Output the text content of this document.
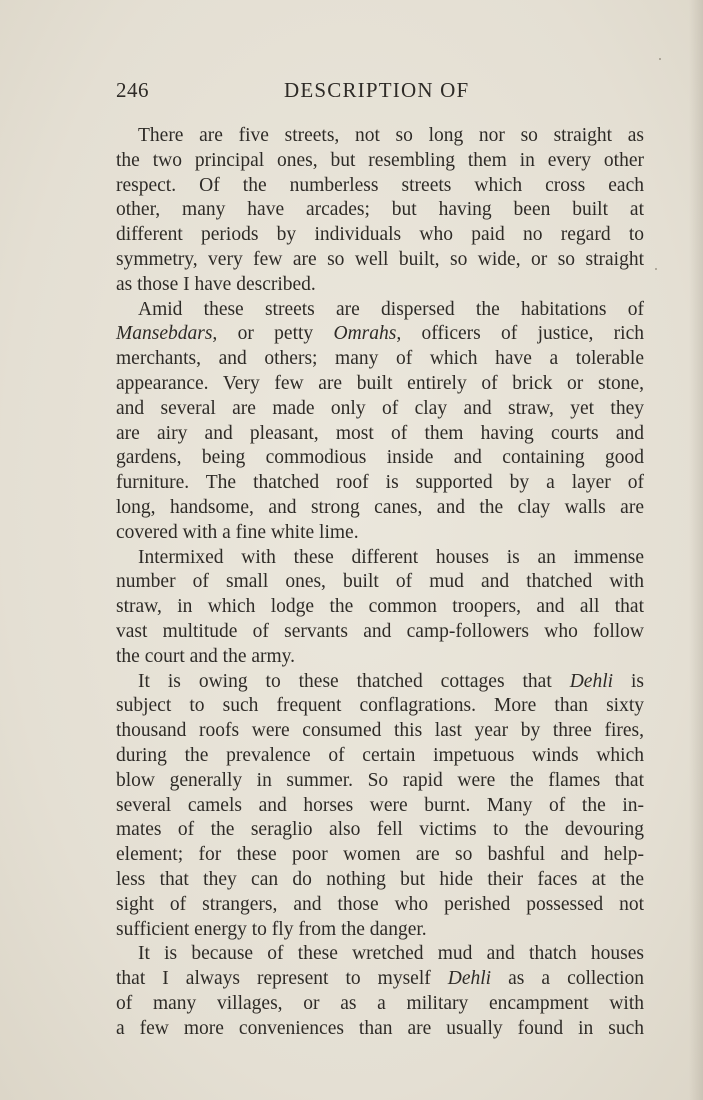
246	DESCRIPTION OF
There are five streets, not so long nor so straight as
the two principal ones, but resembling them in every other
respect. Of the numberless streets which cross each
other, many have arcades; but having been built at
different periods by individuals who paid no regard to
symmetry, very few are so well built, so wide, or so straight
as those I have described.
Amid these streets are dispersed the habitations of
Mansebdars, or petty Omrahs, officers of justice, rich
merchants, and others; many of which have a tolerable
appearance. Very few are built entirely of brick or stone,
and several are made only of clay and straw, yet they
are airy and pleasant, most of them having courts and
gardens, being commodious inside and containing good
furniture. The thatched roof is supported by a layer of
long, handsome, and strong canes, and the clay walls are
covered with a fine white lime.
Intermixed with these different houses is an immense
number of small ones, built of mud and thatched with
straw, in which lodge the common troopers, and all that
vast multitude of servants and camp-followers who follow
the court and the army.
It is owing to these thatched cottages that Dehli is
subject to such frequent conflagrations. More than sixty
thousand roofs were consumed this last year by three fires,
during the prevalence of certain impetuous winds which
blow generally in summer. So rapid were the flames that
several camels and horses were burnt. Many of the in-
mates of the seraglio also fell victims to the devouring
element; for these poor women are so bashful and help-
less that they can do nothing but hide their faces at the
sight of strangers, and those who perished possessed not
sufficient energy to fly from the danger.
It is because of these wretched mud and thatch houses
that I always represent to myself Dehli as a collection
of many villages, or as a military encampment with
a few more conveniences than are usually found in such
